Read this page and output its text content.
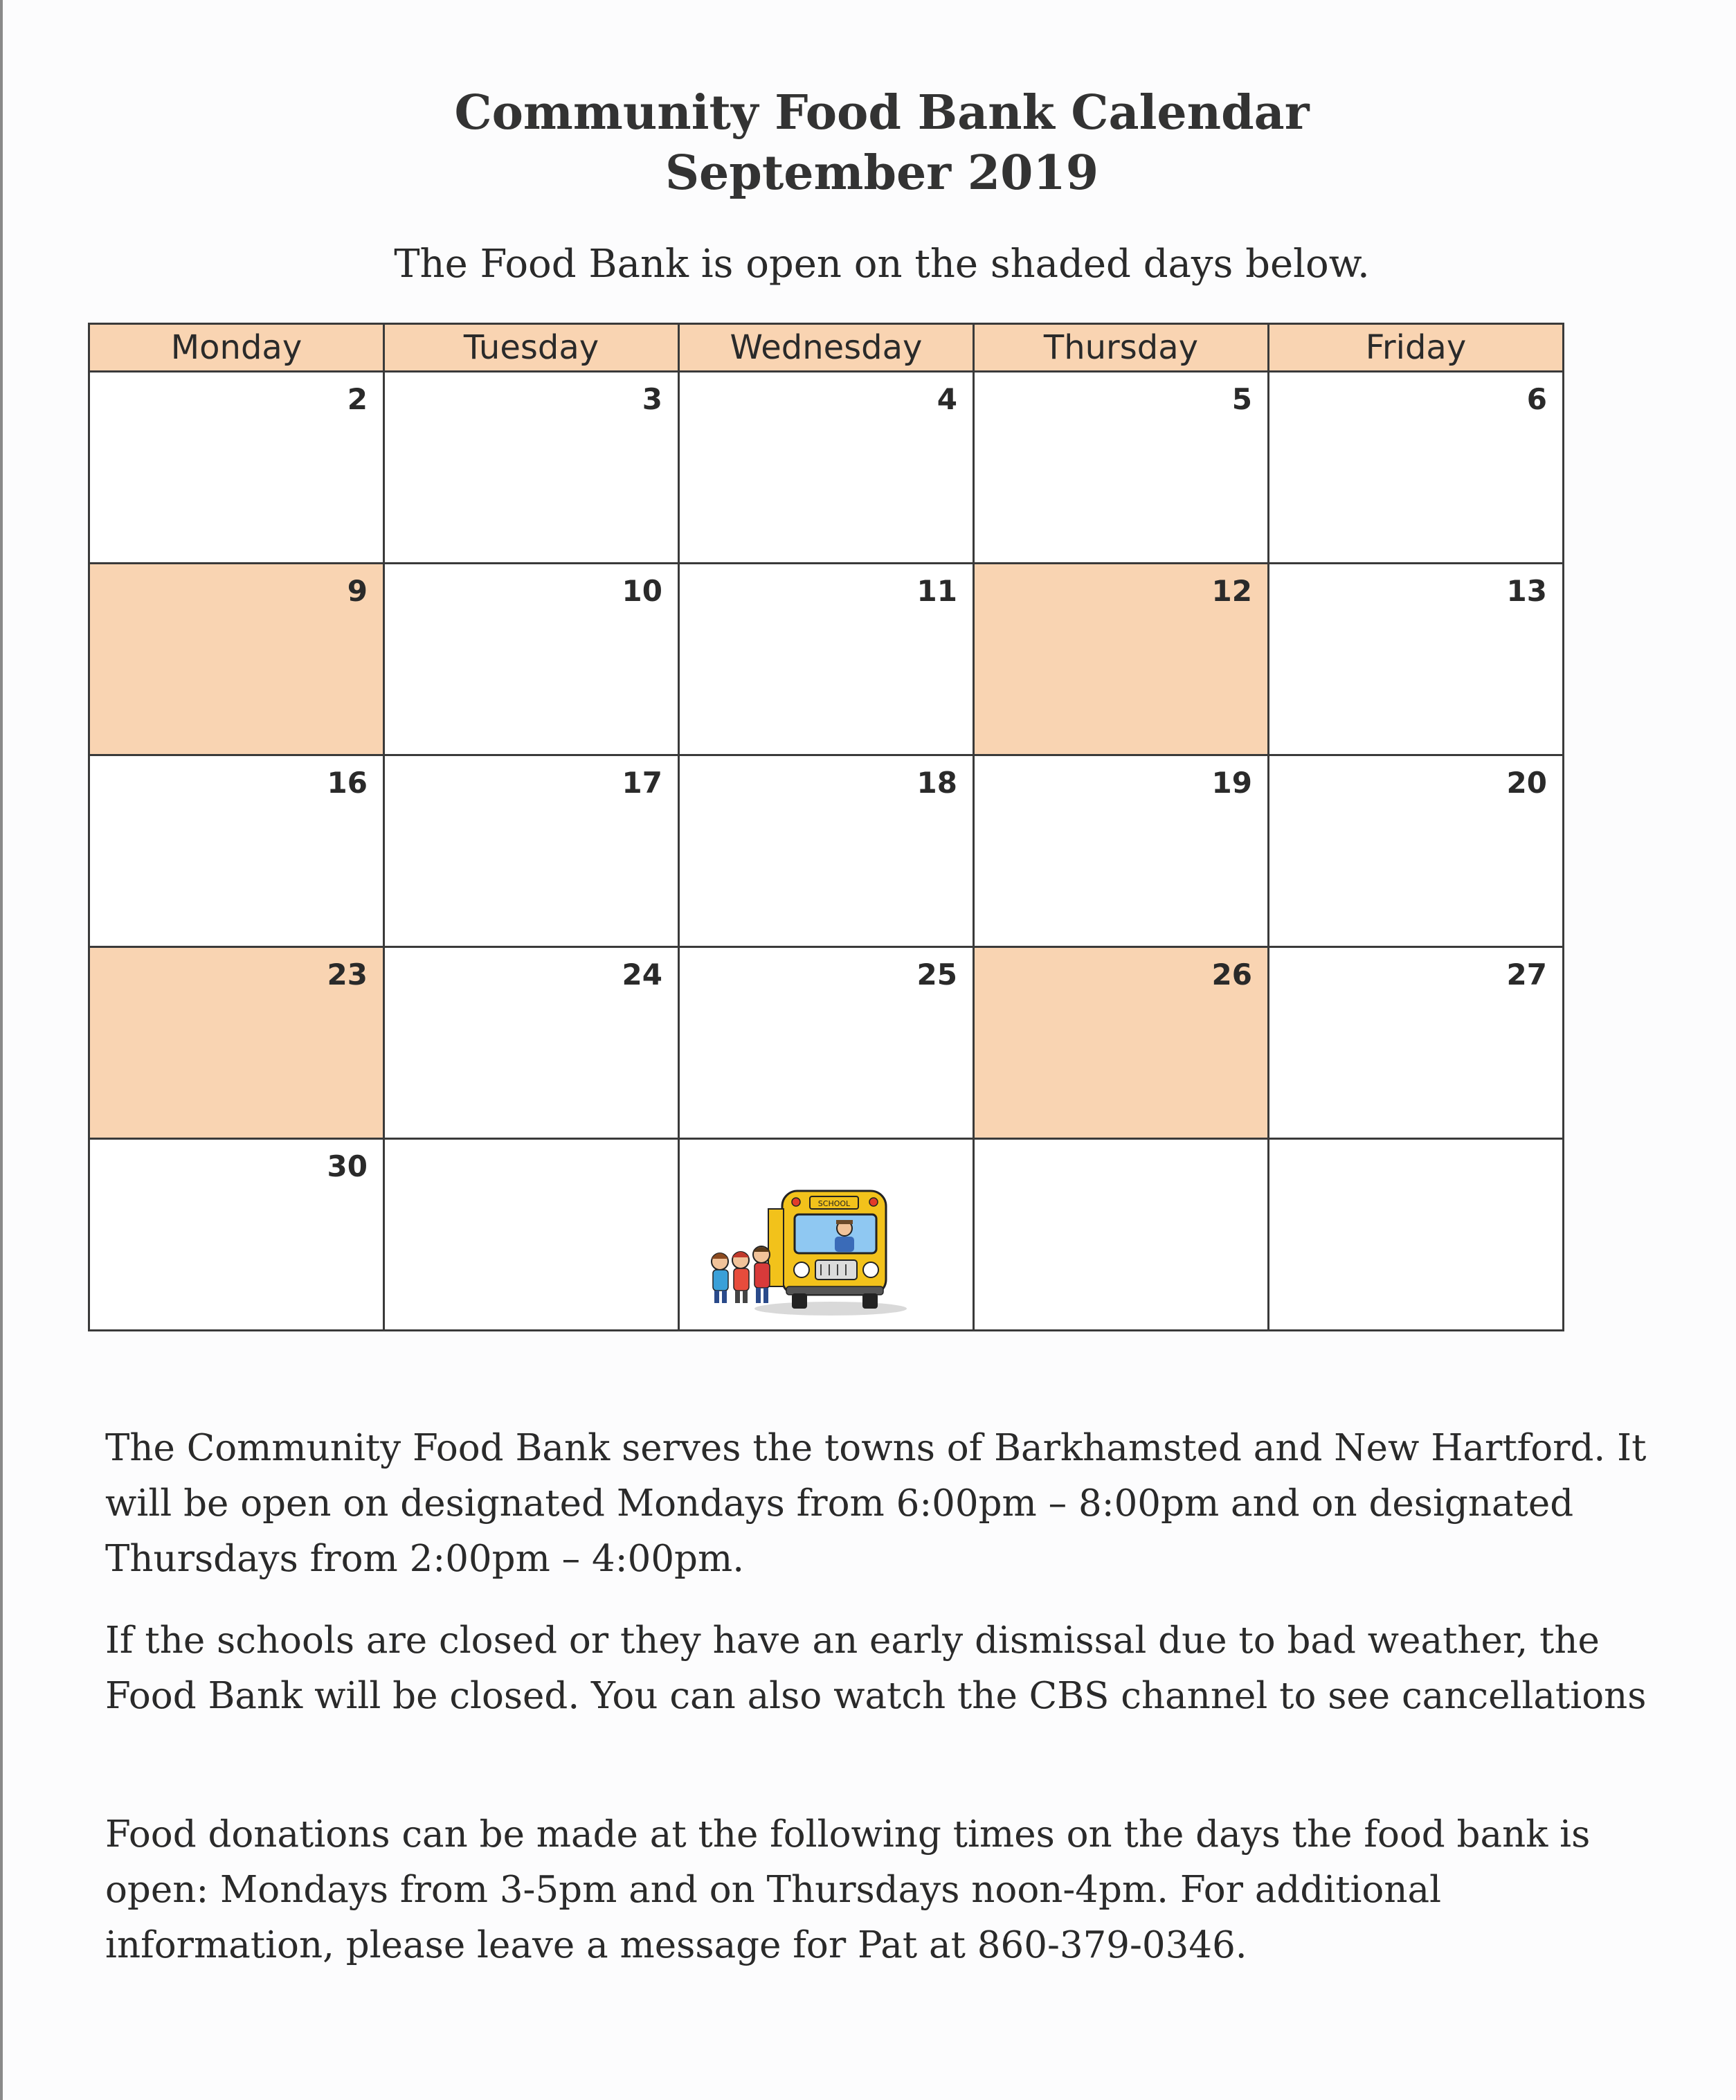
Community Food Bank Calendar
September 2019
The Food Bank is open on the shaded days below.
Monday	Tuesday	Wednesday	Thursday	Friday

2	3	4	5	6

9	10	11	12	13

16	17	18	19	20

23	24	25	26	27

30		SCHOOL		

The Community Food Bank serves the towns of Barkhamsted and New Hartford. It will be open on designated Mondays from 6:00pm – 8:00pm and on designated Thursdays from 2:00pm – 4:00pm.

If the schools are closed or they have an early dismissal due to bad weather, the Food Bank will be closed. You can also watch the CBS channel to see cancellations

Food donations can be made at the following times on the days the food bank is open: Mondays from 3-5pm and on Thursdays noon-4pm. For additional information, please leave a message for Pat at 860-379-0346.
